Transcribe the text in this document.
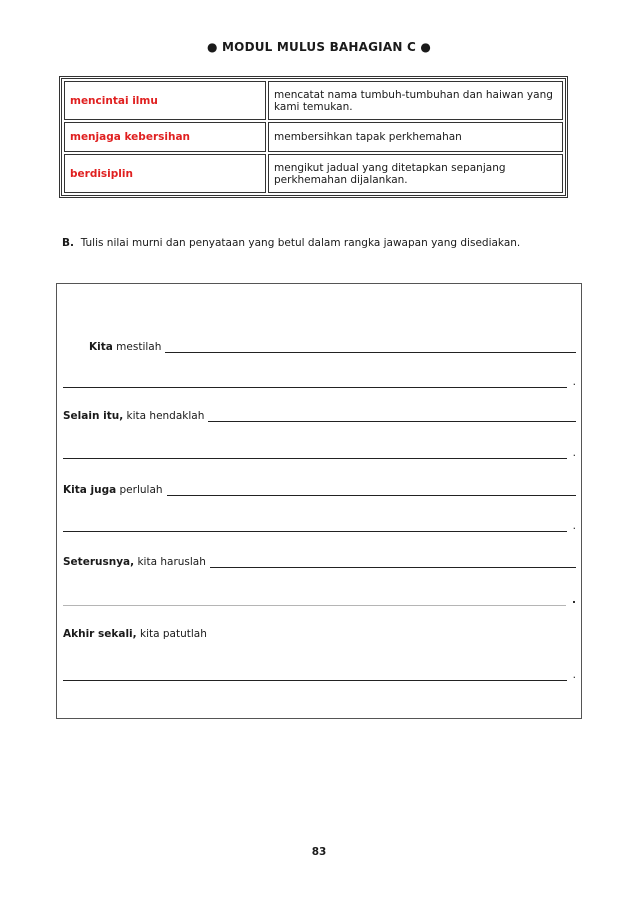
● MODUL MULUS BAHAGIAN C ●
mencintai ilmu	mencatat nama tumbuh-tumbuhan dan haiwan yang kami temukan.
menjaga kebersihan	membersihkan tapak perkhemahan
berdisiplin	mengikut jadual yang ditetapkan sepanjang perkhemahan dijalankan.
B. Tulis nilai murni dan penyataan yang betul dalam rangka jawapan yang disediakan.
Kita mestilah
.
Selain itu, kita hendaklah
.
Kita juga perlulah
.
Seterusnya, kita haruslah
.
Akhir sekali, kita patutlah
.
83
